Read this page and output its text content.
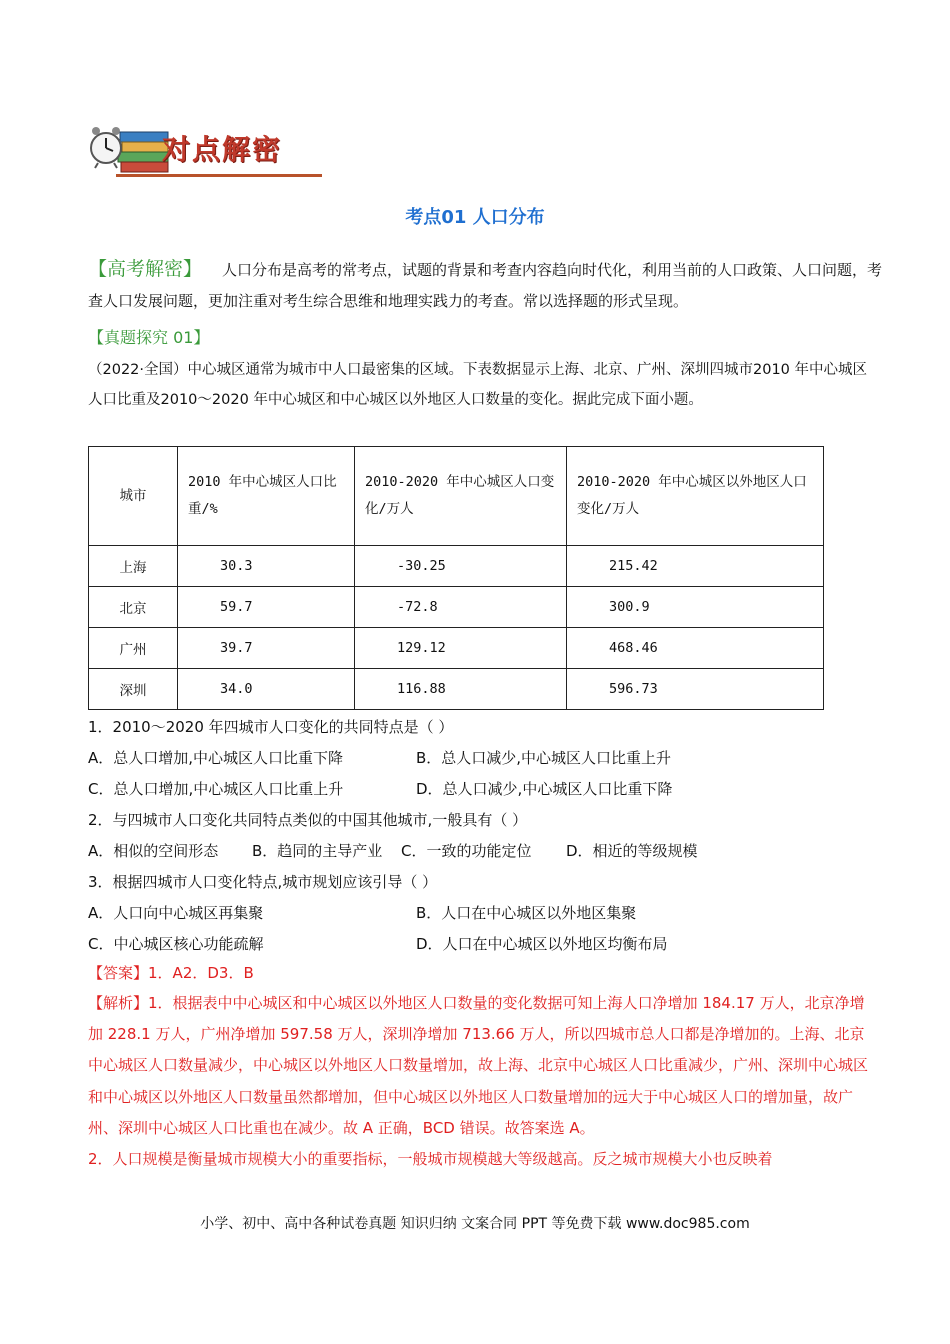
对点解密
考点01 人口分布
【高考解密】 人口分布是高考的常考点，试题的背景和考查内容趋向时代化，利用当前的人口政策、人口问题，考查人口发展问题，更加注重对考生综合思维和地理实践力的考查。常以选择题的形式呈现。
【真题探究 01】
（2022·全国）中心城区通常为城市中人口最密集的区域。下表数据显示上海、北京、广州、深圳四城市2010 年中心城区人口比重及2010～2020 年中心城区和中心城区以外地区人口数量的变化。据此完成下面小题。
城市	2010 年中心城区人口比重/%	2010-2020 年中心城区人口变化/万人	2010-2020 年中心城区以外地区人口变化/万人
上海	30.3	-30.25	215.42
北京	59.7	-72.8	300.9
广州	39.7	129.12	468.46
深圳	34.0	116.88	596.73
1．2010～2020 年四城市人口变化的共同特点是（ ）
A．总人口增加,中心城区人口比重下降	B．总人口减少,中心城区人口比重上升
C．总人口增加,中心城区人口比重上升	D．总人口减少,中心城区人口比重下降
2．与四城市人口变化共同特点类似的中国其他城市,一般具有（ ）
A．相似的空间形态 B．趋同的主导产业 C．一致的功能定位 D．相近的等级规模
3．根据四城市人口变化特点,城市规划应该引导（ ）
A．人口向中心城区再集聚	B．人口在中心城区以外地区集聚
C．中心城区核心功能疏解	D．人口在中心城区以外地区均衡布局
【答案】1．A2．D3．B
【解析】1．根据表中中心城区和中心城区以外地区人口数量的变化数据可知上海人口净增加 184.17 万人，北京净增加 228.1 万人，广州净增加 597.58 万人，深圳净增加 713.66 万人，所以四城市总人口都是净增加的。上海、北京中心城区人口数量减少，中心城区以外地区人口数量增加，故上海、北京中心城区人口比重减少，广州、深圳中心城区和中心城区以外地区人口数量虽然都增加，但中心城区以外地区人口数量增加的远大于中心城区人口的增加量，故广州、深圳中心城区人口比重也在减少。故 A 正确，BCD 错误。故答案选 A。
2．人口规模是衡量城市规模大小的重要指标，一般城市规模越大等级越高。反之城市规模大小也反映着
小学、初中、高中各种试卷真题 知识归纳 文案合同 PPT 等免费下载 www.doc985.com
